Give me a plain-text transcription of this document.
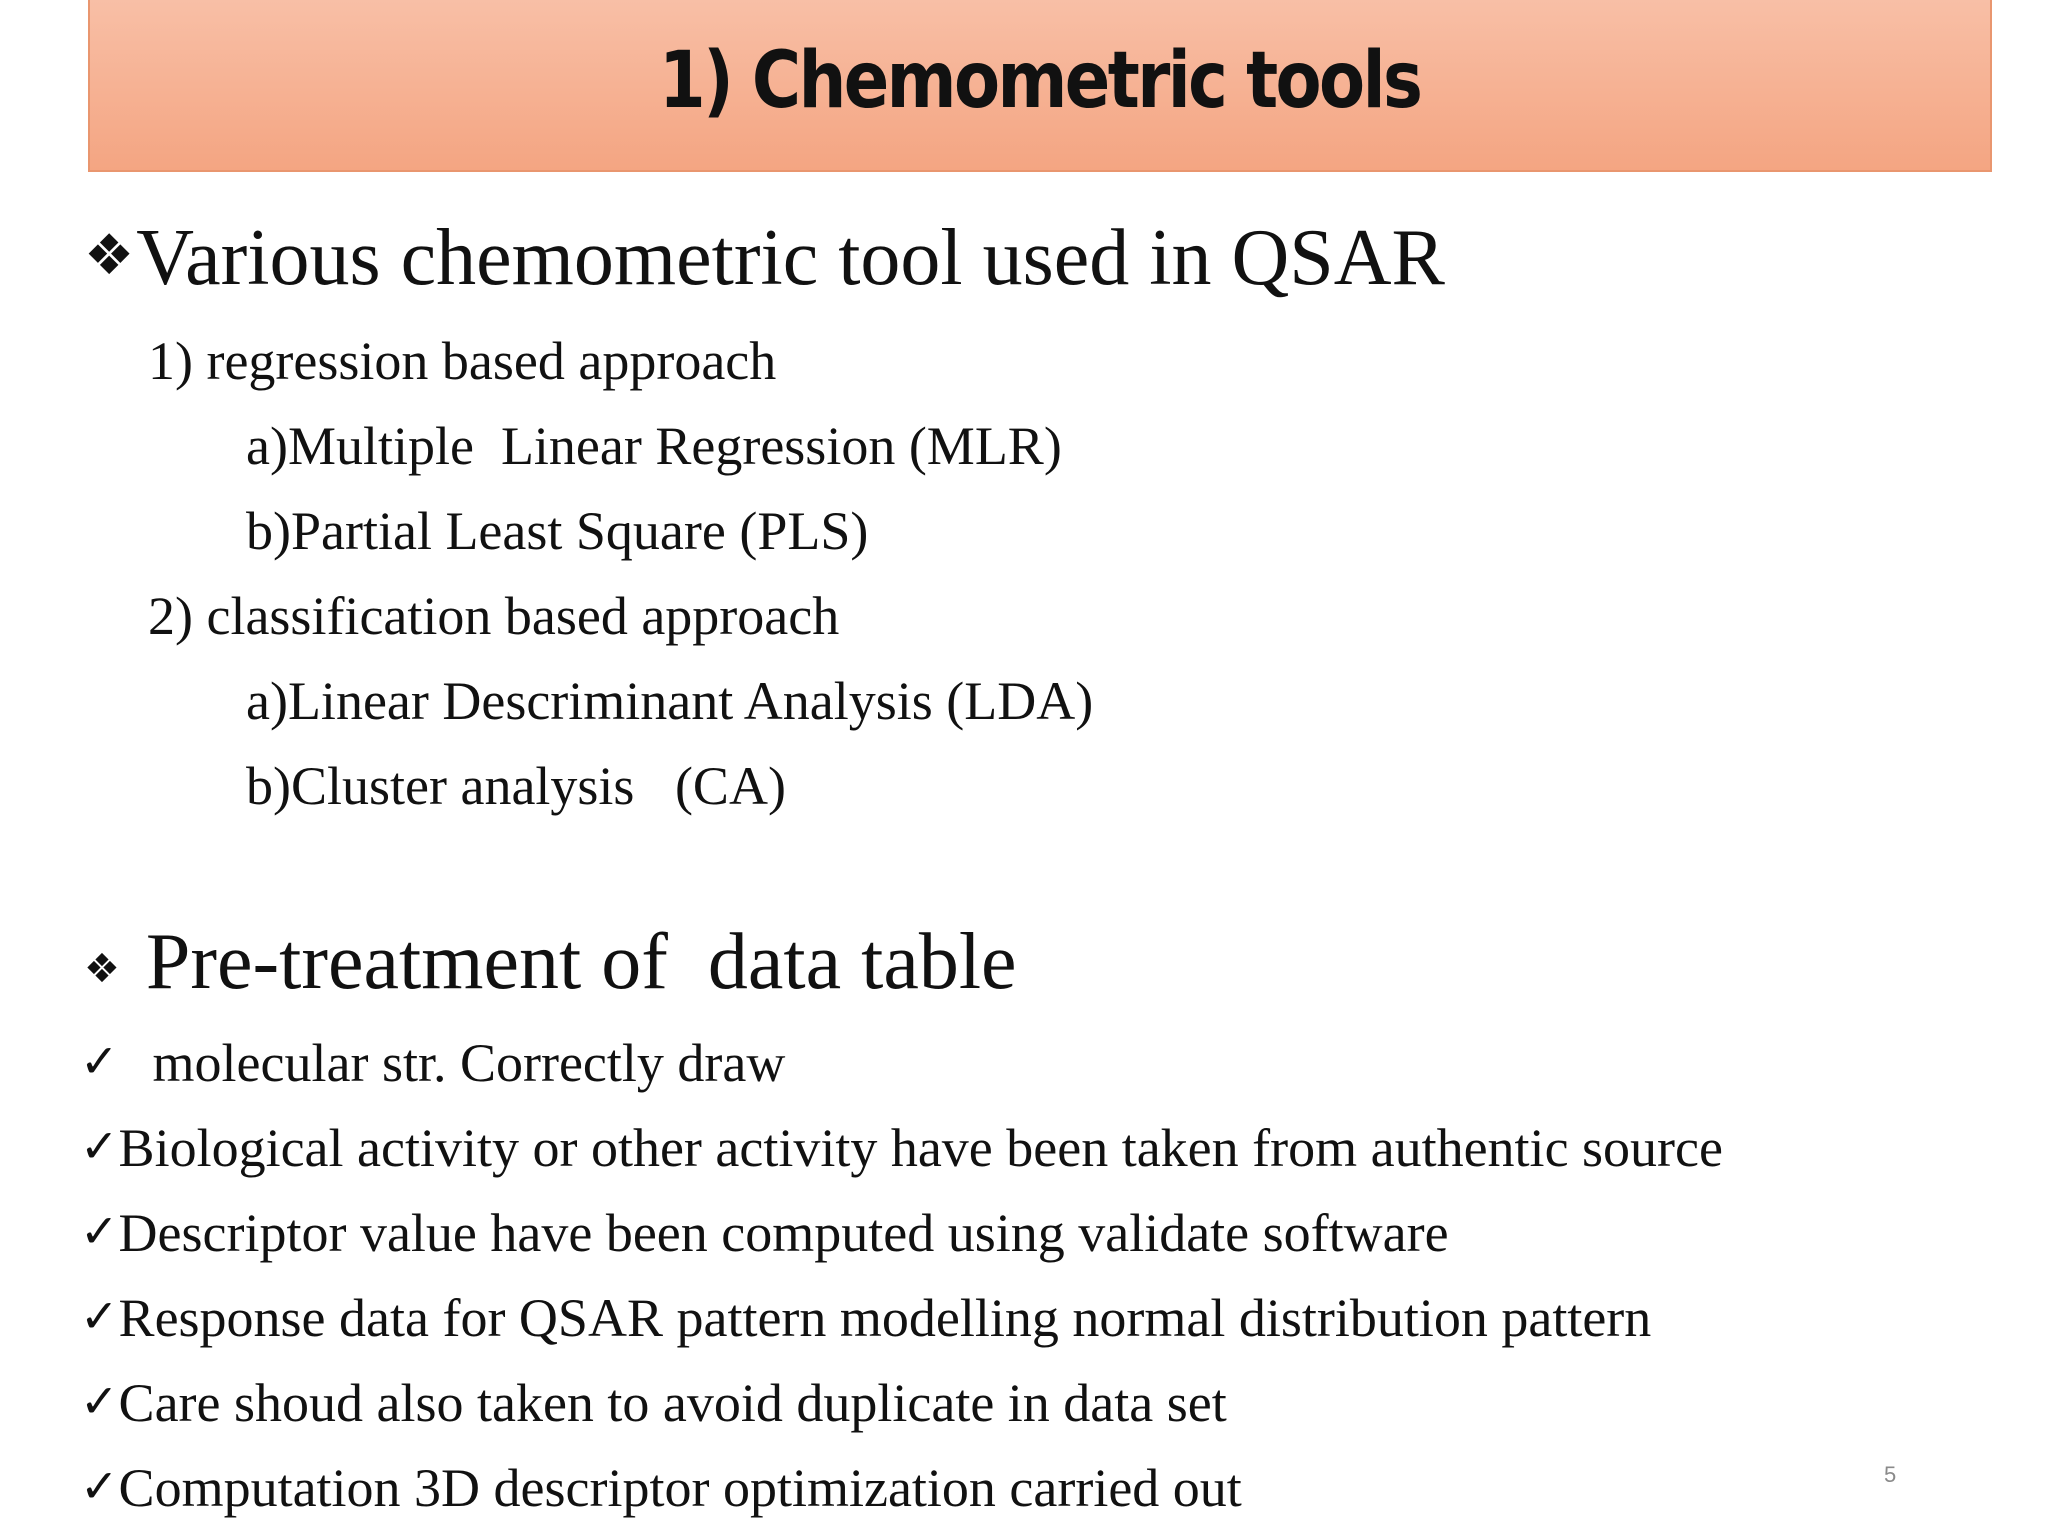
1) Chemometric tools
❖Various chemometric tool used in QSAR
1) regression based approach
a)Multiple  Linear Regression (MLR)
b)Partial Least Square (PLS)
2) classification based approach
a)Linear Descriminant Analysis (LDA)
b)Cluster analysis   (CA)
❖ Pre-treatment of  data table
✓ molecular str. Correctly draw
✓Biological activity or other activity have been taken from authentic source
✓Descriptor value have been computed using validate software
✓Response data for QSAR pattern modelling normal distribution pattern
✓Care shoud also taken to avoid duplicate in data set
✓Computation 3D descriptor optimization carried out	5
